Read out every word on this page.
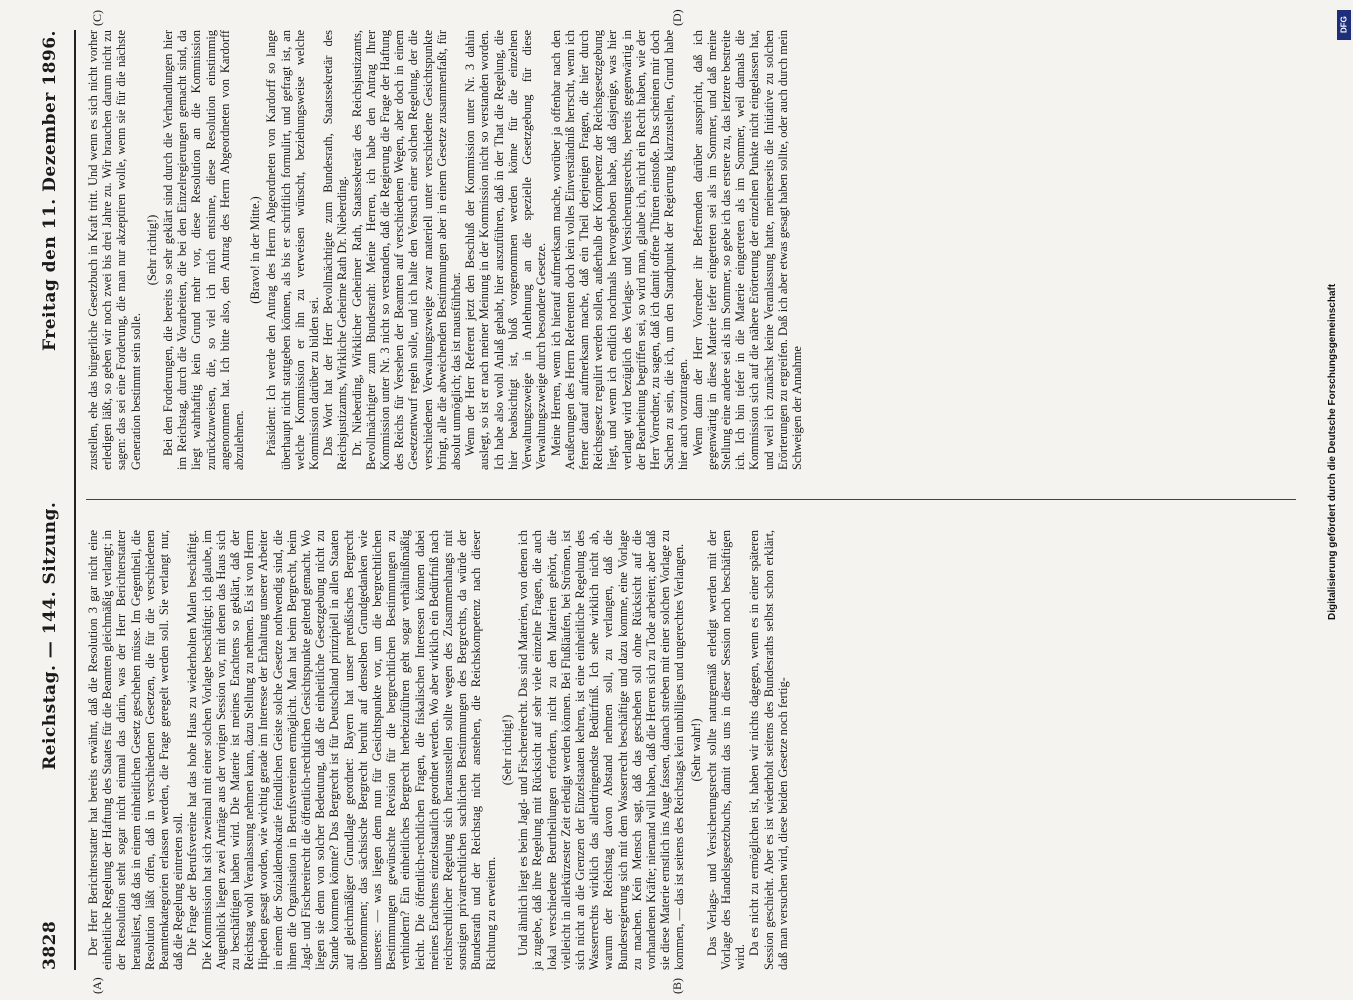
3828
Reichstag. — 144. Sitzung.
Freitag den 11. Dezember 1896.

Der Herr Berichterstatter hat bereits erwähnt, daß die Resolution 3 gar nicht eine einheitliche Regelung der Haftung des Staates für die Beamten gleichmäßig verlangt; in der Resolution steht sogar nicht einmal das darin, was der Herr Berichterstatter herausliest, daß das in einem einheitlichen Gesetz geschehen müsse. Im Gegentheil, die Resolution läßt offen, daß in verschiedenen Gesetzen, die für die verschiedenen Beamtenkategorien erlassen werden, die Frage geregelt werden soll. Sie verlangt nur, daß die Regelung eintreten soll. Die Frage der Berufsvereine hat das hohe Haus zu wiederholten Malen beschäftigt. Die Kommission hat sich zweimal mit einer solchen Vorlage beschäftigt; ich glaube, im Augenblick liegen zwei Anträge aus der vorigen Session vor, mit denen das Haus sich zu beschäftigen haben wird. Die Materie ist meines Erachtens so geklärt, daß der Reichstag wohl Veranlassung nehmen kann, dazu Stellung zu nehmen. Es ist von Herrn Hipeden gesagt worden, wie wichtig gerade im Interesse der Erhaltung unserer Arbeiter in einem der Sozialdemokratie feindlichen Geiste solche Gesetze nothwendig sind, die ihnen die Organisation in Berufsvereinen ermöglicht. Man hat beim Bergrecht, beim Jagd- und Fischereirecht die öffentlich-rechtlichen Gesichtspunkte geltend gemacht. Wo liegen sie denn von solcher Bedeutung, daß die einheitliche Gesetzgebung nicht zu Stande kommen könnte? Das Bergrecht ist für Deutschland prinzipiell in allen Staaten auf gleichmäßiger Grundlage geordnet: Bayern hat unser preußisches Bergrecht übernommen; das sächsische Bergrecht beruht auf denselben Grundgedanken wie unseres: — was liegen denn nun für Gesichtspunkte vor, um die bergrechtlichen Bestimmungen gewünschte Revision für die bergrechtlichen Bestimmungen zu verhindern? Ein einheitliches Bergrecht herbeizuführen geht sogar verhältnißmäßig leicht. Die öffentlich-rechtlichen Fragen, die fiskalischen Interessen können dabei meines Erachtens einzelstaatlich geordnet werden. Wo aber wirklich ein Bedürfniß nach reichsrechtlicher Regelung sich herausstellen sollte wegen des Zusammenhangs mit sonstigen privatrechtlichen sachlichen Bestimmungen des Bergrechts, da würde der Bundesrath und der Reichstag nicht anstehen, die Reichskompetenz nach dieser Richtung zu erweitern.

(Sehr richtig!) Und ähnlich liegt es beim Jagd- und Fischereirecht. Das sind Materien, von denen ich ja zugebe, daß ihre Regelung mit Rücksicht auf sehr viele einzelne Fragen, die auch lokal verschiedene Beurtheilungen erfordern, nicht zu den Materien gehört, die vielleicht in allerkürzester Zeit erledigt werden können. Bei Flußläufen, bei Strömen, ist sich nicht an die Grenzen der Einzelstaaten kehren, ist eine einheitliche Regelung des Wasserrechts wirklich das allerdringendste Bedürfniß. Ich sehe wirklich nicht ab, warum der Reichstag davon Abstand nehmen soll, zu verlangen, daß die Bundesregierung sich mit dem Wasserrecht beschäftige und dazu komme, eine Vorlage zu machen. Kein Mensch sagt, daß das geschehen soll ohne Rücksicht auf die vorhandenen Kräfte; niemand will haben, daß die Herren sich zu Tode arbeiten; aber daß sie diese Materie ernstlich ins Auge fassen, danach streben mit einer solchen Vorlage zu kommen, — das ist seitens des Reichstags kein unbilliges und ungerechtes Verlangen. (Sehr wahr!) Das Verlags- und Versicherungsrecht sollte naturgemäß erledigt werden mit der Vorlage des Handelsgesetzbuchs, damit das uns in dieser Session noch beschäftigen wird.

Da es nicht zu ermöglichen ist, haben wir nichts dagegen, wenn es in einer späteren Session geschieht. Aber es ist wiederholt seitens des Bundesraths selbst schon erklärt, daß man versuchen wird, diese beiden Gesetze noch fertig-

zustellen, ehe das bürgerliche Gesetzbuch in Kraft tritt. Und wenn es sich nicht vorher erledigen läßt, so geben wir noch zwei bis drei Jahre zu. Wir brauchen darum nicht zu sagen: das sei eine Forderung, die man nur akzeptiren wolle, wenn sie für die nächste Generation bestimmt sein solle.

(Sehr richtig!) Bei den Forderungen, die bereits so sehr geklärt sind durch die Verhandlungen hier im Reichstag, durch die Vorarbeiten, die bei den Einzelregierungen gemacht sind, da liegt wahrhaftig kein Grund mehr vor, diese Resolution an die Kommission zurückzuweisen, die, so viel ich mich entsinne, diese Resolution einstimmig angenommen hat. Ich bitte also, den Antrag des Herrn Abgeordneten von Kardorff abzulehnen.

(Bravo! in der Mitte.) Präsident: Ich werde den Antrag des Herrn Abgeordneten von Kardorff so lange überhaupt nicht stattgeben können, als bis er schriftlich formulirt, und gefragt ist, an welche Kommission er ihn zu verweisen wünscht, beziehungsweise welche Kommission darüber zu bilden sei. Das Wort hat der Herr Bevollmächtigte zum Bundesrath, Staatssekretär des Reichsjustizamts, Wirkliche Geheime Rath Dr. Nieberding. Dr. Nieberding, Wirklicher Geheimer Rath, Staatssekretär des Reichsjustizamts, Bevollmächtigter zum Bundesrath: Meine Herren, ich habe den Antrag Ihrer Kommission unter Nr. 3 nicht so verstanden, daß die Regierung die Frage der Haftung des Reichs für Versehen der Beamten auf verschiedenen Wegen, aber doch in einem Gesetzentwurf regeln solle, und ich halte den Versuch einer solchen Regelung, der die verschiedenen Verwaltungszweige zwar materiell unter verschiedene Gesichtspunkte bringt, alle die abweichenden Bestimmungen aber in einem Gesetze zusammenfaßt, für absolut unmöglich; das ist mausführbar. Wenn der Herr Referent jetzt den Beschluß der Kommission unter Nr. 3 dahin auslegt, so ist er nach meiner Meinung in der Kommission nicht so verstanden worden. Ich habe also wohl Anlaß gehabt, hier auszuführen, daß in der That die Regelung, die hier beabsichtigt ist, bloß vorgenommen werden könne für die einzelnen Verwaltungszweige in Anlehnung an die spezielle Gesetzgebung für diese Verwaltungszweige durch besondere Gesetze. Meine Herren, wenn ich hierauf aufmerksam mache, worüber ja offenbar nach den Aeußerungen des Herrn Referenten doch kein volles Einverständniß herrscht, wenn ich ferner darauf aufmerksam mache, daß ein Theil derjenigen Fragen, die hier durch Reichsgesetz regulirt werden sollen, außerhalb der Kompetenz der Reichsgesetzgebung liegt, und wenn ich endlich nochmals hervorgehoben habe, daß dasjenige, was hier verlangt wird bezüglich des Verlags- und Versicherungsrechts, bereits gegenwärtig in der Bearbeitung begriffen sei, so wird man, glaube ich, nicht ein Recht haben, wie der Herr Vorredner, zu sagen, daß ich damit offene Thüren einstoße. Das scheinen mir doch Sachen zu sein, die ich, um den Standpunkt der Regierung klarzustellen, Grund habe hier auch vorzutragen. Wenn dann der Herr Vorredner ihr Befremden darüber ausspricht, daß ich gegenwärtig in diese Materie tiefer eingetreten sei als im Sommer, und daß meine Stellung eine andere sei als im Sommer, so gebe ich das erstere zu, das letztere bestreite ich. Ich bin tiefer in die Materie eingetreten als im Sommer, weil damals die Kommission sich auf die nähere Erörterung der einzelnen Punkte nicht eingelassen hat, und weil ich zunächst keine Veranlassung hatte, meinerseits die Initiative zu solchen Erörterungen zu ergreifen. Daß ich aber etwas gesagt haben sollte, oder auch durch mein Schweigen der Annahme

(A)	(B)
(C)	(D)	DFG
Digitalisierung gefördert durch die Deutsche Forschungsgemeinschaft
